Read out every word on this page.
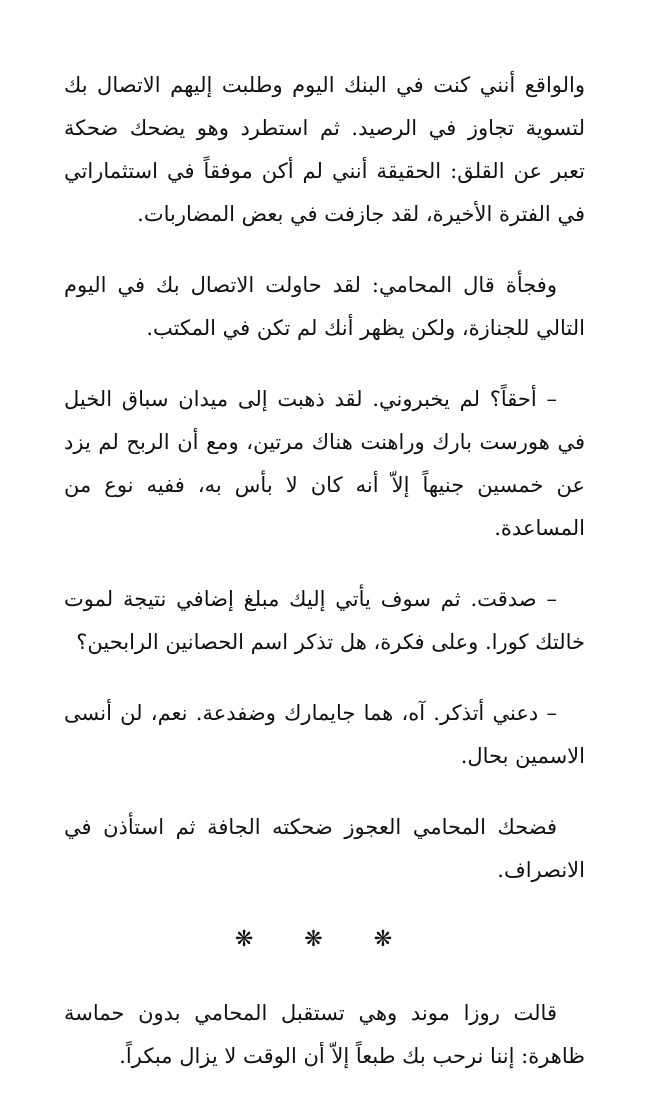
والواقع أنني كنت في البنك اليوم وطلبت إليهم الاتصال بك لتسوية تجاوز في الرصيد. ثم استطرد وهو يضحك ضحكة تعبر عن القلق: الحقيقة أنني لم أكن موفقاً في استثماراتي في الفترة الأخيرة، لقد جازفت في بعض المضاربات.

وفجأة قال المحامي: لقد حاولت الاتصال بك في اليوم التالي للجنازة، ولكن يظهر أنك لم تكن في المكتب.

– أحقاً؟ لم يخبروني. لقد ذهبت إلى ميدان سباق الخيل في هورست بارك وراهنت هناك مرتين، ومع أن الربح لم يزد عن خمسين جنيهاً إلاّ أنه كان لا بأس به، ففيه نوع من المساعدة.

– صدقت. ثم سوف يأتي إليك مبلغ إضافي نتيجة لموت خالتك كورا. وعلى فكرة، هل تذكر اسم الحصانين الرابحين؟

– دعني أتذكر. آه، هما جايمارك وضفدعة. نعم، لن أنسى الاسمين بحال.

فضحك المحامي العجوز ضحكته الجافة ثم استأذن في الانصراف.

❋ ❋ ❋

قالت روزا موند وهي تستقبل المحامي بدون حماسة ظاهرة: إننا نرحب بك طبعاً إلاّ أن الوقت لا يزال مبكراً.
